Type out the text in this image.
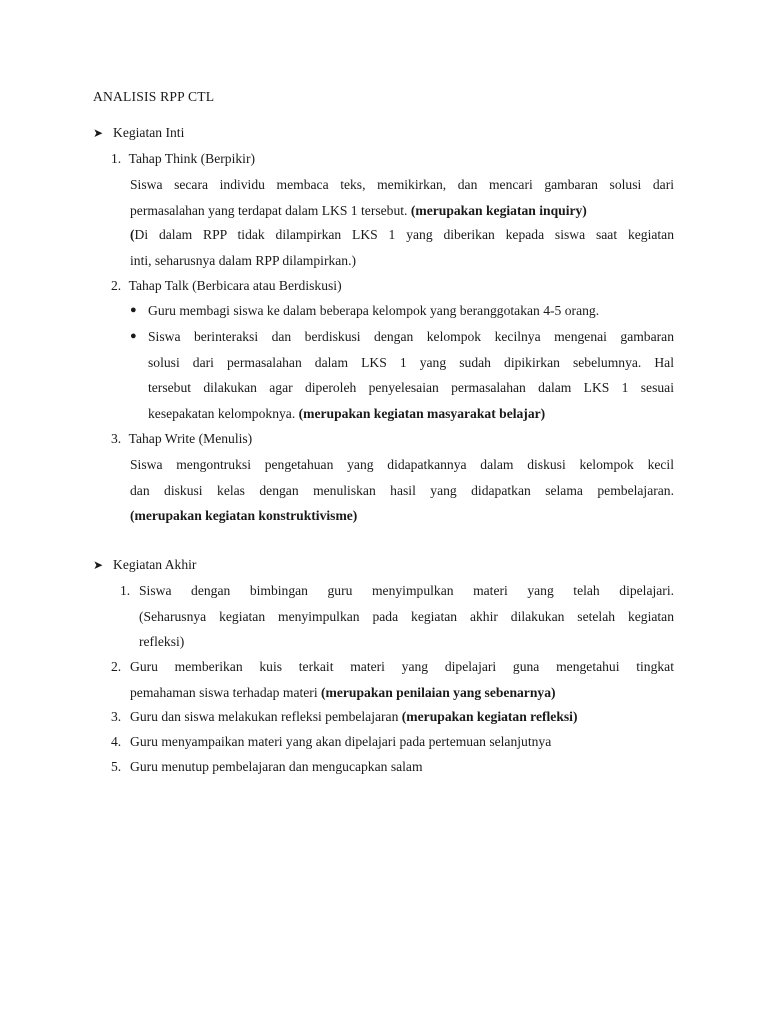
ANALISIS RPP CTL
➤ Kegiatan Inti
1. Tahap Think (Berpikir)
Siswa secara individu membaca teks, memikirkan, dan mencari gambaran solusi dari
permasalahan yang terdapat dalam LKS 1 tersebut. (merupakan kegiatan inquiry)
(Di dalam RPP tidak dilampirkan LKS 1 yang diberikan kepada siswa saat kegiatan
inti, seharusnya dalam RPP dilampirkan.)
2. Tahap Talk (Berbicara atau Berdiskusi)
● Guru membagi siswa ke dalam beberapa kelompok yang beranggotakan 4-5 orang.
● Siswa berinteraksi dan berdiskusi dengan kelompok kecilnya mengenai gambaran
solusi dari permasalahan dalam LKS 1 yang sudah dipikirkan sebelumnya. Hal
tersebut dilakukan agar diperoleh penyelesaian permasalahan dalam LKS 1 sesuai
kesepakatan kelompoknya. (merupakan kegiatan masyarakat belajar)
3. Tahap Write (Menulis)
Siswa mengontruksi pengetahuan yang didapatkannya dalam diskusi kelompok kecil
dan diskusi kelas dengan menuliskan hasil yang didapatkan selama pembelajaran.
(merupakan kegiatan konstruktivisme)
➤ Kegiatan Akhir
1. Siswa dengan bimbingan guru menyimpulkan materi yang telah dipelajari.
(Seharusnya kegiatan menyimpulkan pada kegiatan akhir dilakukan setelah kegiatan
refleksi)
2. Guru memberikan kuis terkait materi yang dipelajari guna mengetahui tingkat
pemahaman siswa terhadap materi (merupakan penilaian yang sebenarnya)
3. Guru dan siswa melakukan refleksi pembelajaran (merupakan kegiatan refleksi)
4. Guru menyampaikan materi yang akan dipelajari pada pertemuan selanjutnya
5. Guru menutup pembelajaran dan mengucapkan salam
